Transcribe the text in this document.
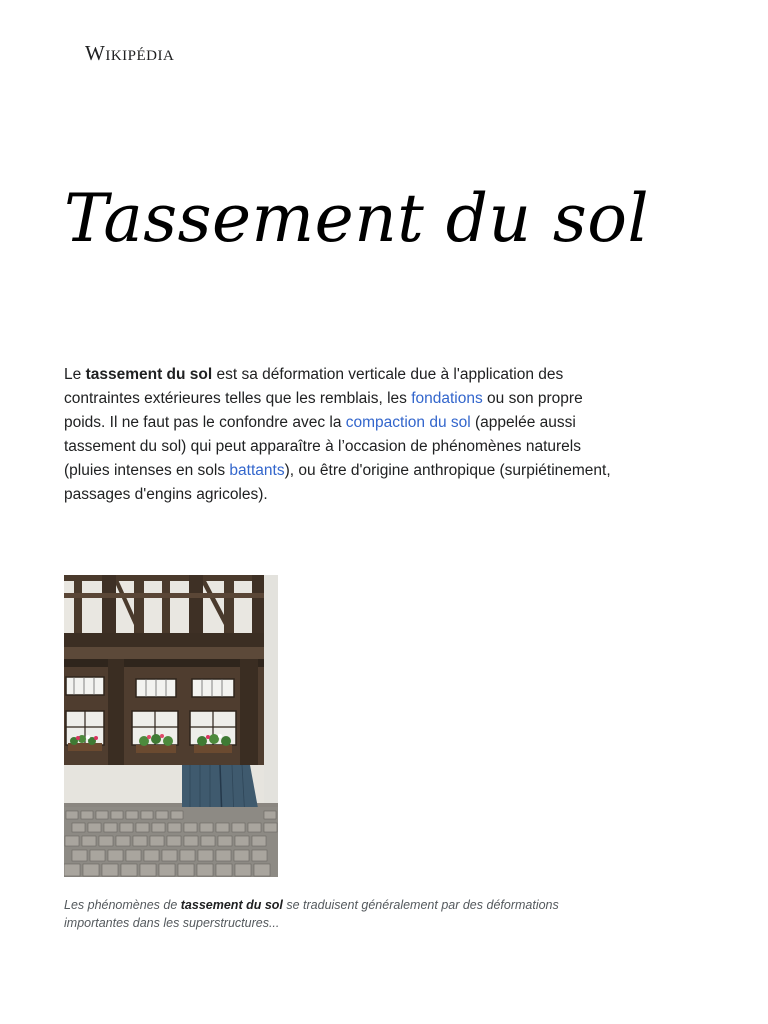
Wikipédia
Tassement du sol

Le tassement du sol est sa déformation verticale due à l'application des contraintes extérieures telles que les remblais, les fondations ou son propre poids. Il ne faut pas le confondre avec la compaction du sol (appelée aussi tassement du sol) qui peut apparaître à l’occasion de phénomènes naturels (pluies intenses en sols battants), ou être d'origine anthropique (surpiétinement, passages d'engins agricoles).

Les phénomènes de tassement du sol se traduisent généralement par des déformations importantes dans les superstructures...
